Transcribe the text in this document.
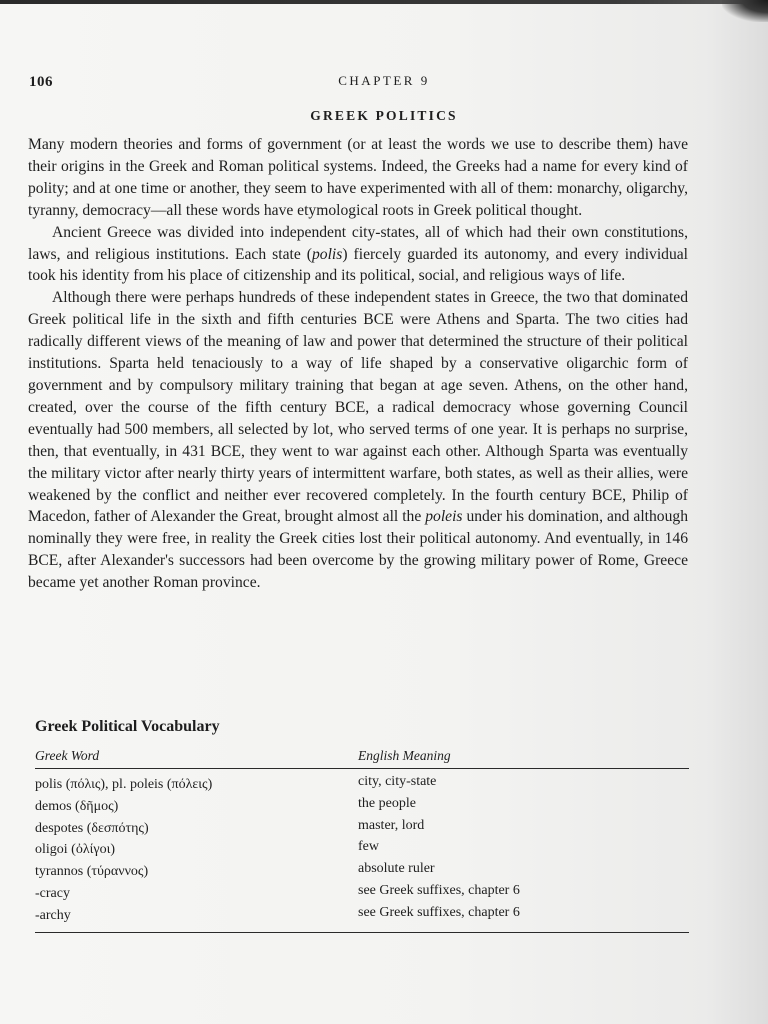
106	CHAPTER 9
GREEK POLITICS

Many modern theories and forms of government (or at least the words we use to describe them) have their origins in the Greek and Roman political systems. Indeed, the Greeks had a name for every kind of polity; and at one time or another, they seem to have experimented with all of them: monarchy, oligarchy, tyranny, democracy—all these words have etymological roots in Greek political thought.

Ancient Greece was divided into independent city-states, all of which had their own constitutions, laws, and religious institutions. Each state (polis) fiercely guarded its autonomy, and every individual took his identity from his place of citizenship and its political, social, and religious ways of life.

Although there were perhaps hundreds of these independent states in Greece, the two that dominated Greek political life in the sixth and fifth centuries BCE were Athens and Sparta. The two cities had radically different views of the meaning of law and power that determined the structure of their political institutions. Sparta held tenaciously to a way of life shaped by a conservative oligarchic form of government and by compulsory military training that began at age seven. Athens, on the other hand, created, over the course of the fifth century BCE, a radical democracy whose governing Council eventually had 500 members, all selected by lot, who served terms of one year. It is perhaps no surprise, then, that eventually, in 431 BCE, they went to war against each other. Although Sparta was eventually the military victor after nearly thirty years of intermittent warfare, both states, as well as their allies, were weakened by the conflict and neither ever recovered completely. In the fourth century BCE, Philip of Macedon, father of Alexander the Great, brought almost all the poleis under his domination, and although nominally they were free, in reality the Greek cities lost their political autonomy. And eventually, in 146 BCE, after Alexander's successors had been overcome by the growing military power of Rome, Greece became yet another Roman province.

Greek Political Vocabulary
Greek Word	English Meaning
polis (πόλις), pl. poleis (πόλεις)	city, city-state
demos (δῆμος)	the people
despotes (δεσπότης)	master, lord
oligoi (ὀλίγοι)	few
tyrannos (τύραννος)	absolute ruler
-cracy	see Greek suffixes, chapter 6
-archy	see Greek suffixes, chapter 6
